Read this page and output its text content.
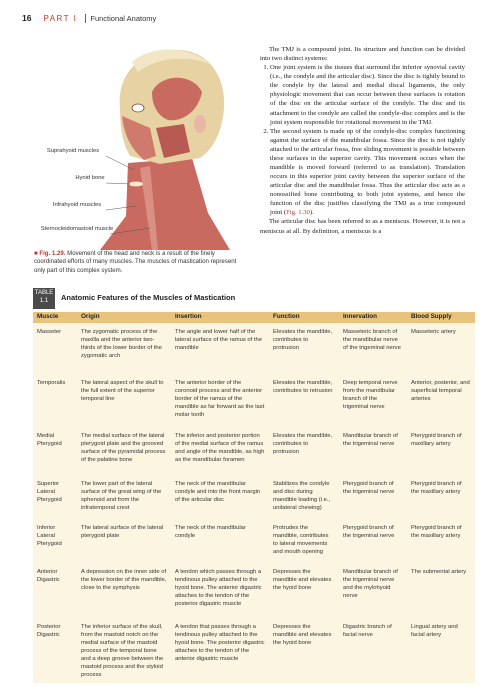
16 PART I Functional Anatomy
Suprahyoid muscles
Hyoid bone
Infrahyoid muscles
Sternocleidomastoid muscle
■ Fig. 1.29. Movement of the head and neck is a result of the finely coordinated efforts of many muscles. The muscles of mastication represent only part of this complex system.

The TMJ is a compound joint. Its structure and function can be divided into two distinct systems:

1. One joint system is the tissues that surround the inferior synovial cavity (i.e., the condyle and the articular disc). Since the disc is tightly bound to the condyle by the lateral and medial discal ligaments, the only physiologic movement that can occur between these surfaces is rotation of the disc on the articular surface of the condyle. The disc and its attachment to the condyle are called the condyle-disc complex and is the joint system responsible for rotational movement in the TMJ.
2. The second system is made up of the condyle-disc complex functioning against the surface of the mandibular fossa. Since the disc is not tightly attached to the articular fossa, free sliding movement is possible between these surfaces in the superior cavity. This movement occurs when the mandible is moved forward (referred to as translation). Translation occurs in this superior joint cavity between the superior surface of the articular disc and the mandibular fossa. Thus the articular disc acts as a nonossified bone contributing to both joint systems, and hence the function of the disc justifies classifying the TMJ as a true compound joint (Fig. 1.30).

The articular disc has been referred to as a meniscus. However, it is not a meniscus at all. By definition, a meniscus is a

TABLE
1.1	Anatomic Features of the Muscles of Mastication
Muscle	Origin	Insertion	Function	Innervation	Blood Supply
Masseter	The zygomatic process of the maxilla and the anterior two-thirds of the lower border of the zygomatic arch	The angle and lower half of the lateral surface of the ramus of the mandible	Elevates the mandible, contributes to protrusion	Masseteric branch of the mandibular nerve of the trigeminal nerve	Masseteric artery
Temporalis	The lateral aspect of the skull to the full extent of the superior temporal line	The anterior border of the coronoid process and the anterior border of the ramus of the mandible as far forward as the last molar tooth	Elevates the mandible, contributes to retrusion	Deep temporal nerve from the mandibular branch of the trigeminal nerve	Anterior, posterior, and superficial temporal arteries
Medial Pterygoid	The medial surface of the lateral pterygoid plate and the grooved surface of the pyramidal process of the palatine bone	The inferior and posterior portion of the medial surface of the ramus and angle of the mandible, as high as the mandibular foramen	Elevates the mandible, contributes to protrusion	Mandibular branch of the trigeminal nerve	Pterygoid branch of maxillary artery
Superior Lateral Pterygoid	The lower part of the lateral surface of the great wing of the sphenoid and from the infratemporal crest	The neck of the mandibular condyle and into the front margin of the articular disc	Stabilizes the condyle and disc during mandible loading (i.e., unilateral chewing)	Pterygoid branch of the trigeminal nerve	Pterygoid branch of the maxillary artery
Inferior Lateral Pterygoid	The lateral surface of the lateral pterygoid plate	The neck of the mandibular condyle	Protrudes the mandible, contributes to lateral movements and mouth opening	Pterygoid branch of the trigeminal nerve	Pterygoid branch of the maxillary artery
Anterior Digastric	A depression on the inner side of the lower border of the mandible, close to the symphysis	A tendon which passes through a tendinous pulley attached to the hyoid bone. The anterior digastric attaches to the tendon of the posterior digastric muscle	Depresses the mandible and elevates the hyoid bone	Mandibular branch of the trigeminal nerve and the mylohyoid nerve	The submental artery
Posterior Digastric	The inferior surface of the skull, from the mastoid notch on the medial surface of the mastoid process of the temporal bone and a deep groove between the mastoid process and the styloid process	A tendon that passes through a tendinous pulley attached to the hyoid bone. The posterior digastric attaches to the tendon of the anterior digastric muscle	Depresses the mandible and elevates the hyoid bone	Digastric branch of facial nerve	Lingual artery and facial artery
